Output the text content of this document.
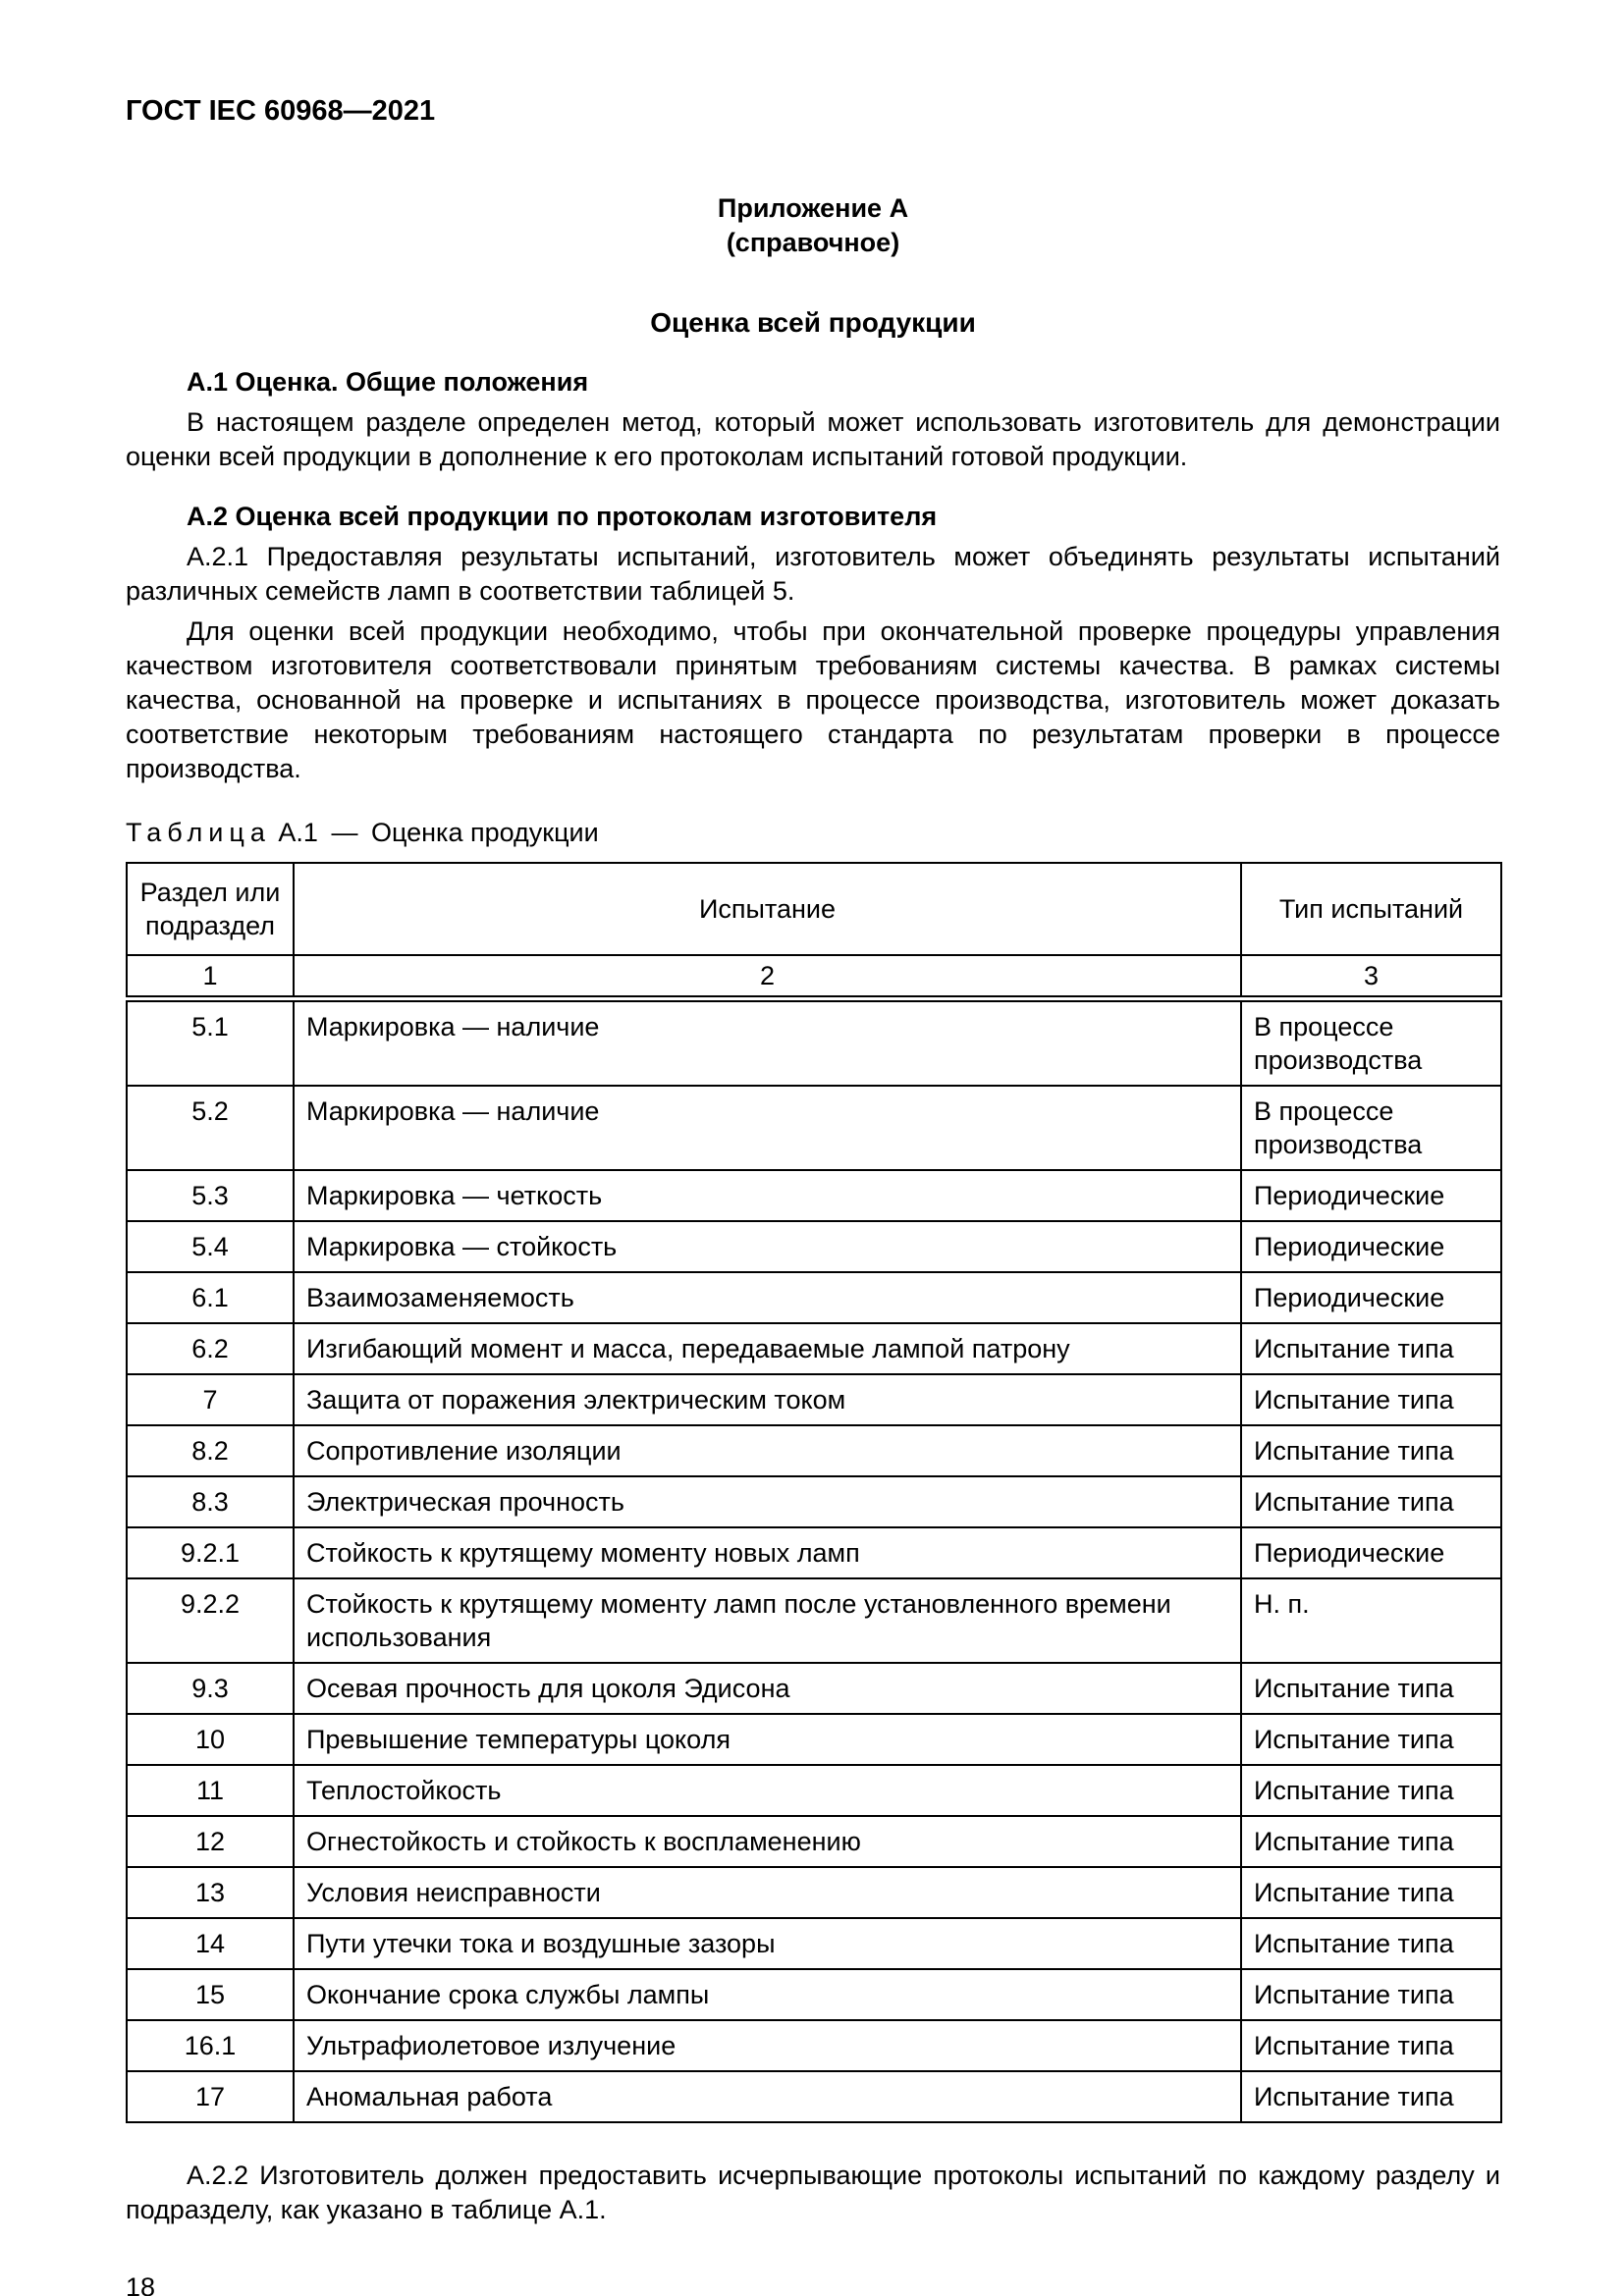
ГОСТ IEC 60968—2021
Приложение А
(справочное)
Оценка всей продукции
А.1 Оценка. Общие положения

В настоящем разделе определен метод, который может использовать изготовитель для демонстрации оценки всей продукции в дополнение к его протоколам испытаний готовой продукции.

А.2 Оценка всей продукции по протоколам изготовителя

А.2.1 Предоставляя результаты испытаний, изготовитель может объединять результаты испытаний различных семейств ламп в соответствии таблицей 5.

Для оценки всей продукции необходимо, чтобы при окончательной проверке процедуры управления качеством изготовителя соответствовали принятым требованиям системы качества. В рамках системы качества, основанной на проверке и испытаниях в процессе производства, изготовитель может доказать соответствие некоторым требованиям настоящего стандарта по результатам проверки в процессе производства.

Таблица А.1 — Оценка продукции
Раздел или подраздел	Испытание	Тип испытаний
1	2	3
5.1	Маркировка — наличие	В процессе производства
5.2	Маркировка — наличие	В процессе производства
5.3	Маркировка — четкость	Периодические
5.4	Маркировка — стойкость	Периодические
6.1	Взаимозаменяемость	Периодические
6.2	Изгибающий момент и масса, передаваемые лампой патрону	Испытание типа
7	Защита от поражения электрическим током	Испытание типа
8.2	Сопротивление изоляции	Испытание типа
8.3	Электрическая прочность	Испытание типа
9.2.1	Стойкость к крутящему моменту новых ламп	Периодические
9.2.2	Стойкость к крутящему моменту ламп после установленного времени использования	Н. п.
9.3	Осевая прочность для цоколя Эдисона	Испытание типа
10	Превышение температуры цоколя	Испытание типа
11	Теплостойкость	Испытание типа
12	Огнестойкость и стойкость к воспламенению	Испытание типа
13	Условия неисправности	Испытание типа
14	Пути утечки тока и воздушные зазоры	Испытание типа
15	Окончание срока службы лампы	Испытание типа
16.1	Ультрафиолетовое излучение	Испытание типа
17	Аномальная работа	Испытание типа

А.2.2 Изготовитель должен предоставить исчерпывающие протоколы испытаний по каждому разделу и подразделу, как указано в таблице А.1.

18
